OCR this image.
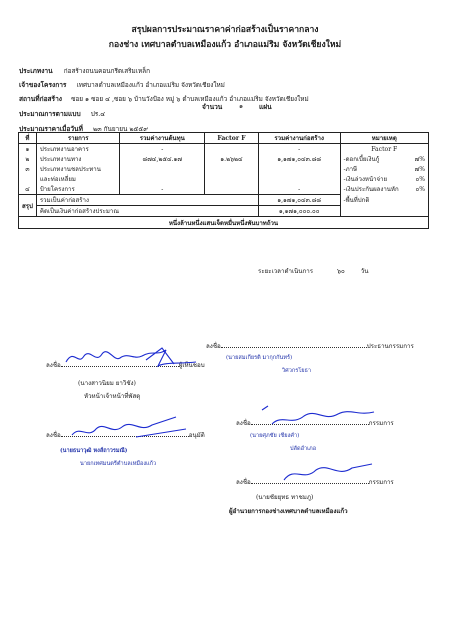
สรุปผลการประมาณราคาค่าก่อสร้างเป็นราคากลาง
กองช่าง เทศบาลตำบลเหมืองแก้ว อำเภอแม่ริม จังหวัดเชียงใหม่
ประเภทงาน ก่อสร้างถนนคอนกรีตเสริมเหล็ก
เจ้าของโครงการ เทศบาลตำบลเหมืองแก้ว อำเภอแม่ริม จังหวัดเชียงใหม่
สถานที่ก่อสร้าง ซอย ๑ ซอย ๔ ,ซอย ๖ บ้านวังป้อง หมู่ ๖ ตำบลเหมืองแก้ว อำเภอแม่ริม จังหวัดเชียงใหม่
ประมาณการตามแบบ ปร.๔
จำนวน	๑ แผ่น
ประมาณราคาเมื่อวันที่ ๒๓ กันยายน ๒๕๕๙
ที่	รายการ	รวมค่างานต้นทุน	Factor F	รวมค่างานก่อสร้าง	หมายเหตุ
๑	ประเภทงานอาคาร	-		-	Factor F
๒	ประเภทงานทาง	๘๗๔,๒๕๔.๑๗	๑.๒๖๒๔	๑,๑๗๑,๐๔๓.๘๘	-ดอกเบี้ยเงินกู้ ๗%

๓	ประเภทงานชลประทาน				-ภาษี ๗%

	และท่อเหลี่ยม				-เงินล่วงหน้าจ่าย ๐%

๔	ป้ายโครงการ	-		-	-เงินประกันผลงานหัก ๐%

สรุป	รวมเป็นค่าก่อสร้าง			๑,๑๗๑,๐๔๓.๘๘	-พื้นที่ปกติ
	คิดเป็นเงินค่าก่อสร้างประมาณ			๑,๑๗๑,๐๐๐.๐๐	
หนึ่งล้านหนึ่งแสนเจ็ดหมื่นหนึ่งพันบาทถ้วน					
ระยะเวลาดำเนินการ	๖๐	วัน
ลงชื่อ	ผู้เห็นชอบ
(นางสาวนิยม ยาวิชัง)
หัวหน้าเจ้าหน้าที่พัสดุ
ลงชื่อ	อนุมัติ
(นายธนาวุฒิ หงส์ถาวรมณี)
นายกเทศมนตรีตำบลเหมืองแก้ว
ลงชื่อ	ประธานกรรมการ
(นายสมเกียรติ มากุกกันทร์)
วิศวกรโยธา
ลงชื่อ	กรรมการ
(นายศุภชัย เชียงคำ)
ปลัดอำเภอ
ลงชื่อ	กรรมการ
(นายชัยยุทธ ทาชมภู)
ผู้อำนวยการกองช่างเทศบาลตำบลเหมืองแก้ว
